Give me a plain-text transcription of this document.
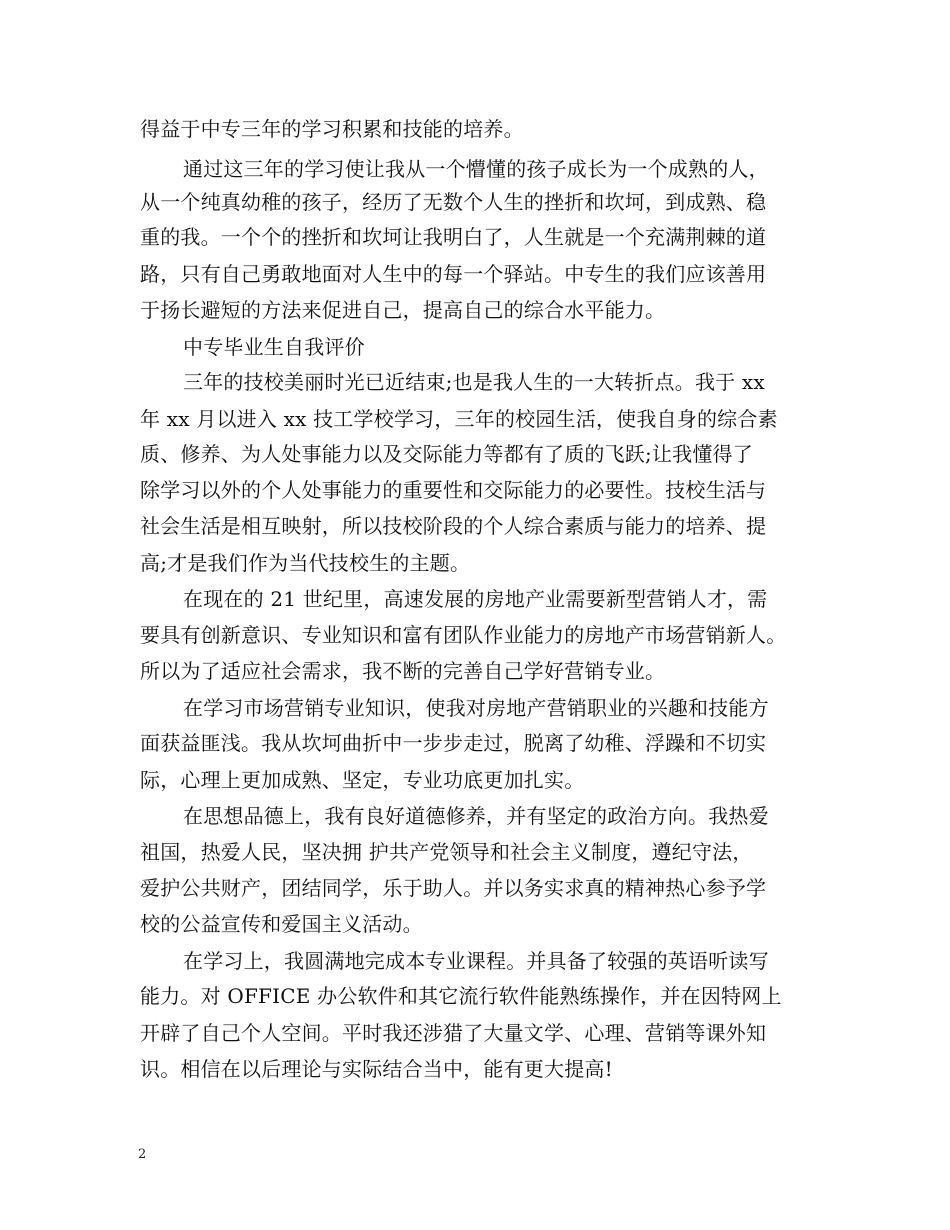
得益于中专三年的学习积累和技能的培养。
通过这三年的学习使让我从一个懵懂的孩子成长为一个成熟的人，
从一个纯真幼稚的孩子，经历了无数个人生的挫折和坎坷，到成熟、稳
重的我。一个个的挫折和坎坷让我明白了，人生就是一个充满荆棘的道
路，只有自己勇敢地面对人生中的每一个驿站。中专生的我们应该善用
于扬长避短的方法来促进自己，提高自己的综合水平能力。
中专毕业生自我评价
三年的技校美丽时光已近结束;也是我人生的一大转折点。我于 xx
年 xx 月以进入 xx 技工学校学习，三年的校园生活，使我自身的综合素
质、修养、为人处事能力以及交际能力等都有了质的飞跃;让我懂得了
除学习以外的个人处事能力的重要性和交际能力的必要性。技校生活与
社会生活是相互映射，所以技校阶段的个人综合素质与能力的培养、提
高;才是我们作为当代技校生的主题。
在现在的 21 世纪里，高速发展的房地产业需要新型营销人才，需
要具有创新意识、专业知识和富有团队作业能力的房地产市场营销新人。
所以为了适应社会需求，我不断的完善自己学好营销专业。
在学习市场营销专业知识，使我对房地产营销职业的兴趣和技能方
面获益匪浅。我从坎坷曲折中一步步走过，脱离了幼稚、浮躁和不切实
际，心理上更加成熟、坚定，专业功底更加扎实。
在思想品德上，我有良好道德修养，并有坚定的政治方向。我热爱
祖国，热爱人民，坚决拥 护共产党领导和社会主义制度，遵纪守法，
爱护公共财产，团结同学，乐于助人。并以务实求真的精神热心参予学
校的公益宣传和爱国主义活动。
在学习上，我圆满地完成本专业课程。并具备了较强的英语听读写
能力。对 OFFICE 办公软件和其它流行软件能熟练操作，并在因特网上
开辟了自己个人空间。平时我还涉猎了大量文学、心理、营销等课外知
识。相信在以后理论与实际结合当中，能有更大提高!
2
